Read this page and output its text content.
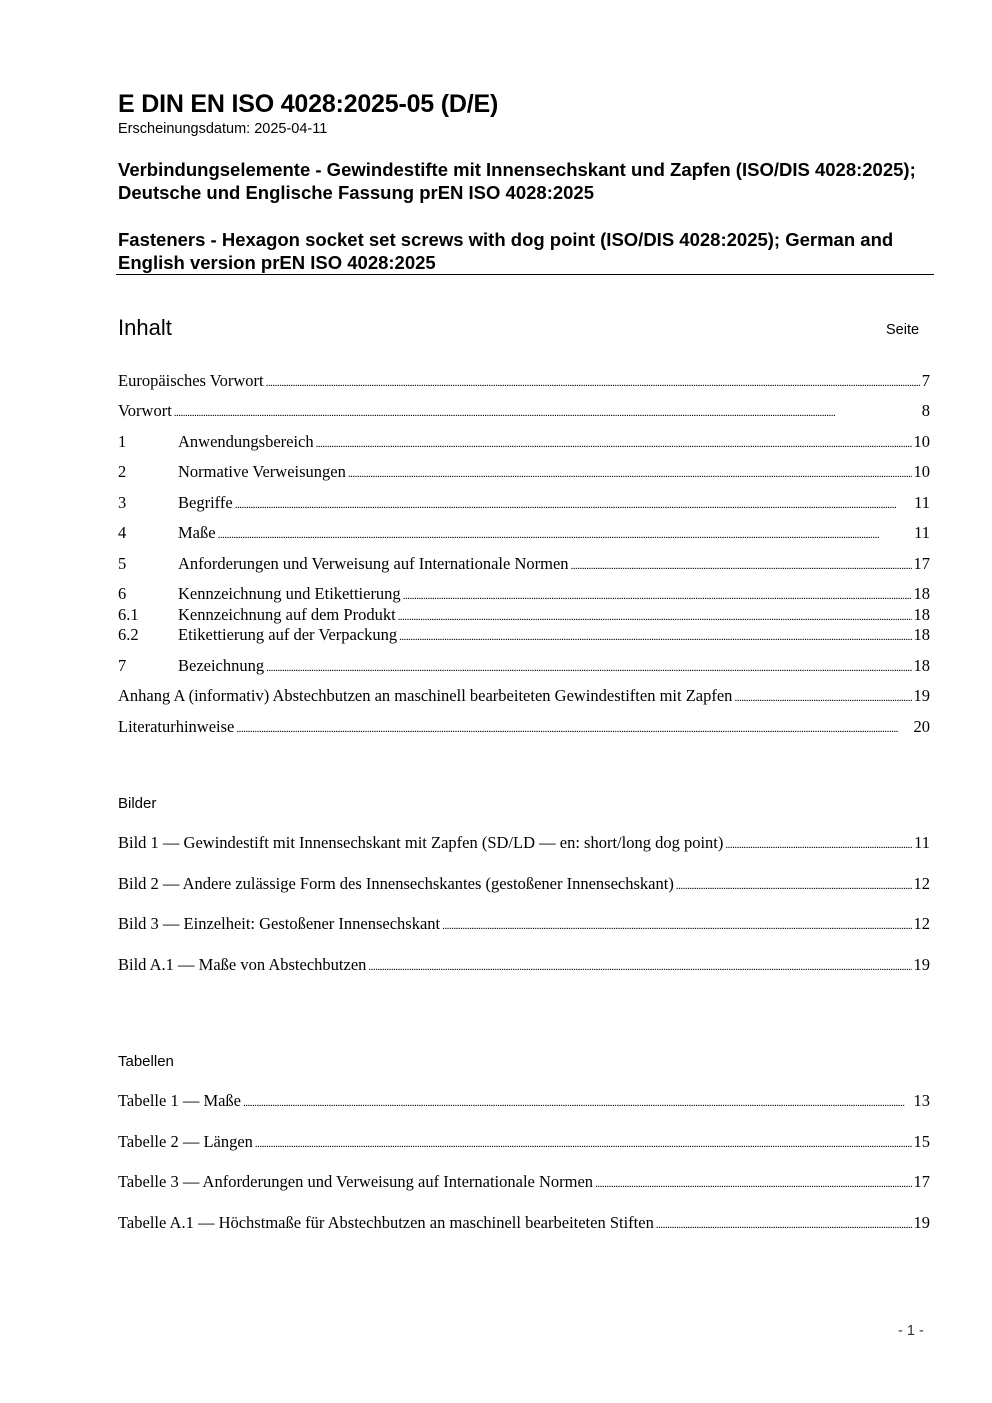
E DIN EN ISO 4028:2025-05 (D/E)
Erscheinungsdatum: 2025-04-11
Verbindungselemente - Gewindestifte mit Innensechskant und Zapfen (ISO/DIS 4028:2025); Deutsche und Englische Fassung prEN ISO 4028:2025
Fasteners - Hexagon socket set screws with dog point (ISO/DIS 4028:2025); German and English version prEN ISO 4028:2025
Inhalt	Seite
Europäisches Vorwort .....	7
Vorwort .....	8
1	Anwendungsbereich .....	10
2	Normative Verweisungen .....	10
3	Begriffe .....	11
4	Maße .....	11
5	Anforderungen und Verweisung auf Internationale Normen .....	17
6	Kennzeichnung und Etikettierung .....	18
6.1	Kennzeichnung auf dem Produkt .....	18
6.2	Etikettierung auf der Verpackung .....	18
7	Bezeichnung .....	18
Anhang A (informativ) Abstechbutzen an maschinell bearbeiteten Gewindestiften mit Zapfen .....	19
Literaturhinweise .....	20
Bilder
Bild 1 — Gewindestift mit Innensechskant mit Zapfen (SD/LD — en: short/long dog point) .....	11
Bild 2 — Andere zulässige Form des Innensechskantes (gestoßener Innensechskant) .....	12
Bild 3 — Einzelheit: Gestoßener Innensechskant .....	12
Bild A.1 — Maße von Abstechbutzen .....	19
Tabellen
Tabelle 1 — Maße .....	13
Tabelle 2 — Längen .....	15
Tabelle 3 — Anforderungen und Verweisung auf Internationale Normen .....	17
Tabelle A.1 — Höchstmaße für Abstechbutzen an maschinell bearbeiteten Stiften .....	19
- 1 -
